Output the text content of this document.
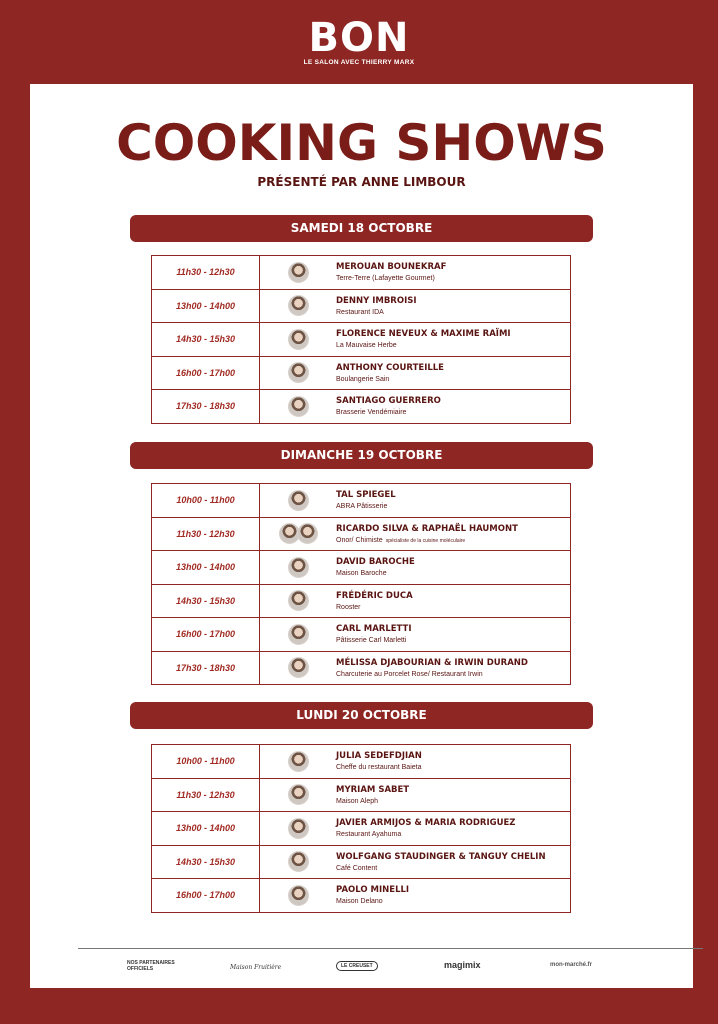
BON
LE SALON AVEC THIERRY MARX
COOKING SHOWS
PRÉSENTÉ PAR ANNE LIMBOUR
SAMEDI 18 OCTOBRE
11h30 - 12h30	MEROUAN BOUNEKRAF
Terre-Terre (Lafayette Gourmet)
13h00 - 14h00	DENNY IMBROISI
Restaurant IDA
14h30 - 15h30	FLORENCE NEVEUX & MAXIME RAÏMI
La Mauvaise Herbe
16h00 - 17h00	ANTHONY COURTEILLE
Boulangerie Sain
17h30 - 18h30	SANTIAGO GUERRERO
Brasserie Vendémiaire
DIMANCHE 19 OCTOBRE
10h00 - 11h00	TAL SPIEGEL
ABRA Pâtisserie
11h30 - 12h30	RICARDO SILVA & RAPHAËL HAUMONT
Onor/ Chimiste spécialiste de la cuisine moléculaire
13h00 - 14h00	DAVID BAROCHE
Maison Baroche
14h30 - 15h30	FRÉDÉRIC DUCA
Rooster
16h00 - 17h00	CARL MARLETTI
Pâtisserie Carl Marletti
17h30 - 18h30	MÉLISSA DJABOURIAN & IRWIN DURAND
Charcuterie au Porcelet Rose/ Restaurant Irwin
LUNDI 20 OCTOBRE
10h00 - 11h00	JULIA SEDEFDJIAN
Cheffe du restaurant Baieta
11h30 - 12h30	MYRIAM SABET
Maison Aleph
13h00 - 14h00	JAVIER ARMIJOS & MARIA RODRIGUEZ
Restaurant Ayahuma
14h30 - 15h30	WOLFGANG STAUDINGER & TANGUY CHELIN
Café Content
16h00 - 17h00	PAOLO MINELLI
Maison Delano
NOS PARTENAIRES
OFFICIELS	Maison Fruitière	LE CREUSET	magimix	mon-marché.fr
